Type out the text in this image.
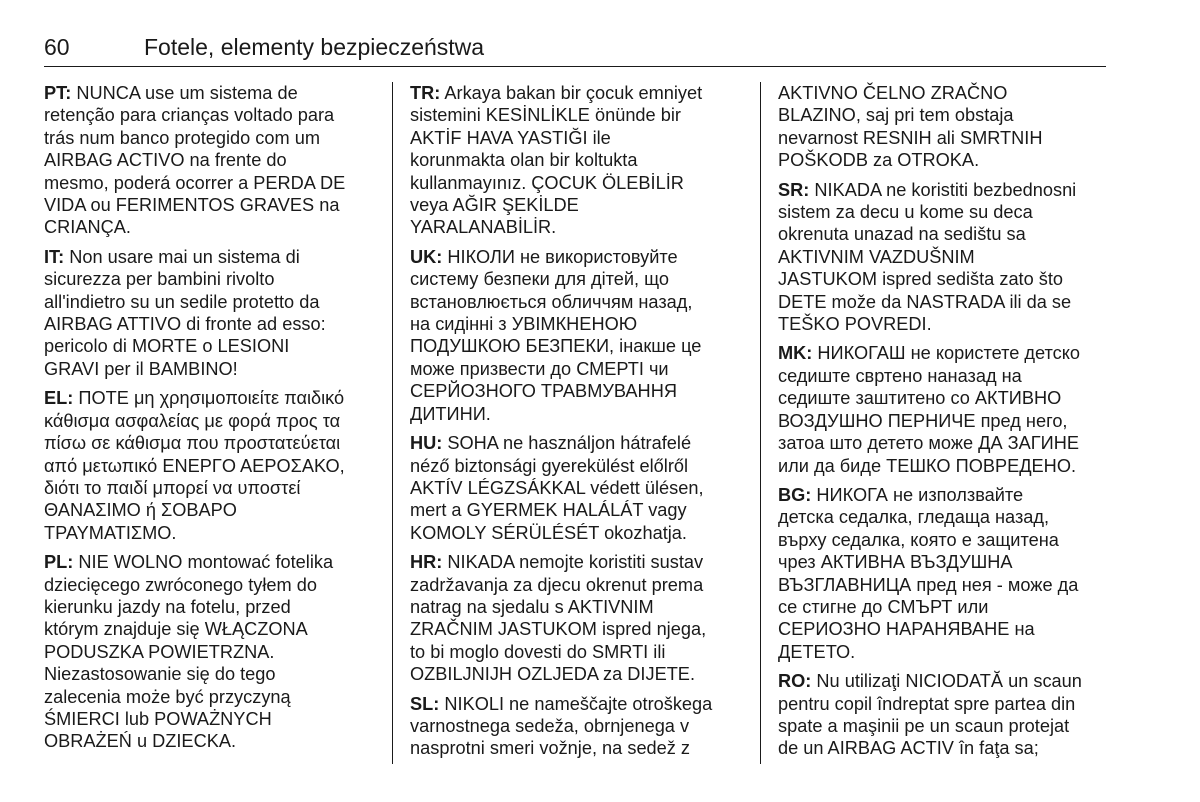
60	Fotele, elementy bezpieczeństwa
PT: NUNCA use um sistema de
retenção para crianças voltado para
trás num banco protegido com um
AIRBAG ACTIVO na frente do
mesmo, poderá ocorrer a PERDA DE
VIDA ou FERIMENTOS GRAVES na
CRIANÇA.
IT: Non usare mai un sistema di
sicurezza per bambini rivolto
all'indietro su un sedile protetto da
AIRBAG ATTIVO di fronte ad esso:
pericolo di MORTE o LESIONI
GRAVI per il BAMBINO!
EL: ΠΟΤΕ μη χρησιμοποιείτε παιδικό
κάθισμα ασφαλείας με φορά προς τα
πίσω σε κάθισμα που προστατεύεται
από μετωπικό ΕΝΕΡΓΟ ΑΕΡΟΣΑΚΟ,
διότι το παιδί μπορεί να υποστεί
ΘΑΝΑΣΙΜΟ ή ΣΟΒΑΡΟ
ΤΡΑΥΜΑΤΙΣΜΟ.
PL: NIE WOLNO montować fotelika
dziecięcego zwróconego tyłem do
kierunku jazdy na fotelu, przed
którym znajduje się WŁĄCZONA
PODUSZKA POWIETRZNA.
Niezastosowanie się do tego
zalecenia może być przyczyną
ŚMIERCI lub POWAŻNYCH
OBRAŻEŃ u DZIECKA.
TR: Arkaya bakan bir çocuk emniyet
sistemini KESİNLİKLE önünde bir
AKTİF HAVA YASTIĞI ile
korunmakta olan bir koltukta
kullanmayınız. ÇOCUK ÖLEBİLİR
veya AĞIR ŞEKİLDE
YARALANABİLİR.
UK: НІКОЛИ не використовуйте
систему безпеки для дітей, що
встановлюється обличчям назад,
на сидінні з УВІМКНЕНОЮ
ПОДУШКОЮ БЕЗПЕКИ, інакше це
може призвести до СМЕРТІ чи
СЕРЙОЗНОГО ТРАВМУВАННЯ
ДИТИНИ.
HU: SOHA ne használjon hátrafelé
néző biztonsági gyerekülést előlről
AKTÍV LÉGZSÁKKAL védett ülésen,
mert a GYERMEK HALÁLÁT vagy
KOMOLY SÉRÜLÉSÉT okozhatja.
HR: NIKADA nemojte koristiti sustav
zadržavanja za djecu okrenut prema
natrag na sjedalu s AKTIVNIM
ZRAČNIM JASTUKOM ispred njega,
to bi moglo dovesti do SMRTI ili
OZBILJNIJH OZLJEDA za DIJETE.
SL: NIKOLI ne nameščajte otroškega
varnostnega sedeža, obrnjenega v
nasprotni smeri vožnje, na sedež z
AKTIVNO ČELNO ZRAČNO
BLAZINO, saj pri tem obstaja
nevarnost RESNIH ali SMRTNIH
POŠKODB za OTROKA.
SR: NIKADA ne koristiti bezbednosni
sistem za decu u kome su deca
okrenuta unazad na sedištu sa
AKTIVNIM VAZDUŠNIM
JASTUKOM ispred sedišta zato što
DETE može da NASTRADA ili da se
TEŠKO POVREDI.
MK: НИКОГАШ не користете детско
седиште свртено наназад на
седиште заштитено со АКТИВНО
ВОЗДУШНО ПЕРНИЧЕ пред него,
затоа што детето може ДА ЗАГИНЕ
или да биде ТЕШКО ПОВРЕДЕНО.
BG: НИКОГА не използвайте
детска седалка, гледаща назад,
върху седалка, която е защитена
чрез АКТИВНА ВЪЗДУШНА
ВЪЗГЛАВНИЦА пред нея - може да
се стигне до СМЪРТ или
СЕРИОЗНО НАРАНЯВАНЕ на
ДЕТЕТО.
RO: Nu utilizaţi NICIODATĂ un scaun
pentru copil îndreptat spre partea din
spate a maşinii pe un scaun protejat
de un AIRBAG ACTIV în faţa sa;
